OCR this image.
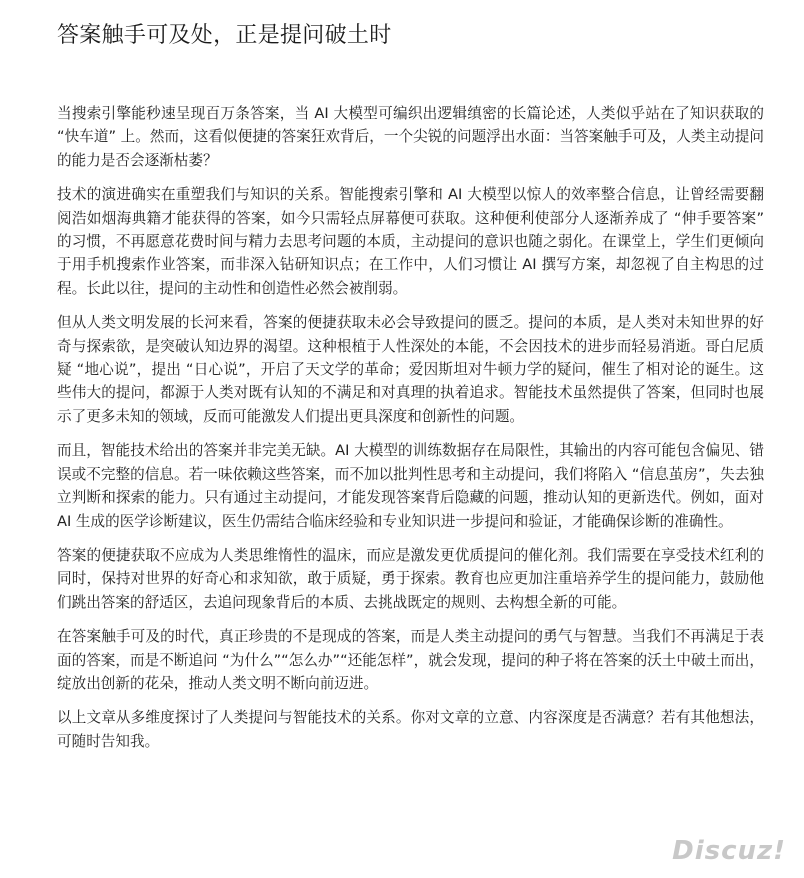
答案触手可及处，正是提问破土时

当搜索引擎能秒速呈现百万条答案，当 AI 大模型可编织出逻辑缜密的长篇论述，人类似乎站在了知识获取的 “快车道” 上。然而，这看似便捷的答案狂欢背后，一个尖锐的问题浮出水面：当答案触手可及，人类主动提问的能力是否会逐渐枯萎？

技术的演进确实在重塑我们与知识的关系。智能搜索引擎和 AI 大模型以惊人的效率整合信息，让曾经需要翻阅浩如烟海典籍才能获得的答案，如今只需轻点屏幕便可获取。这种便利使部分人逐渐养成了 “伸手要答案” 的习惯，不再愿意花费时间与精力去思考问题的本质，主动提问的意识也随之弱化。在课堂上，学生们更倾向于用手机搜索作业答案，而非深入钻研知识点；在工作中，人们习惯让 AI 撰写方案，却忽视了自主构思的过程。长此以往，提问的主动性和创造性必然会被削弱。

但从人类文明发展的长河来看，答案的便捷获取未必会导致提问的匮乏。提问的本质，是人类对未知世界的好奇与探索欲，是突破认知边界的渴望。这种根植于人性深处的本能，不会因技术的进步而轻易消逝。哥白尼质疑 “地心说”，提出 “日心说”，开启了天文学的革命；爱因斯坦对牛顿力学的疑问，催生了相对论的诞生。这些伟大的提问，都源于人类对既有认知的不满足和对真理的执着追求。智能技术虽然提供了答案，但同时也展示了更多未知的领域，反而可能激发人们提出更具深度和创新性的问题。

而且，智能技术给出的答案并非完美无缺。AI 大模型的训练数据存在局限性，其输出的内容可能包含偏见、错误或不完整的信息。若一味依赖这些答案，而不加以批判性思考和主动提问，我们将陷入 “信息茧房”，失去独立判断和探索的能力。只有通过主动提问，才能发现答案背后隐藏的问题，推动认知的更新迭代。例如，面对 AI 生成的医学诊断建议，医生仍需结合临床经验和专业知识进一步提问和验证，才能确保诊断的准确性。

答案的便捷获取不应成为人类思维惰性的温床，而应是激发更优质提问的催化剂。我们需要在享受技术红利的同时，保持对世界的好奇心和求知欲，敢于质疑，勇于探索。教育也应更加注重培养学生的提问能力，鼓励他们跳出答案的舒适区，去追问现象背后的本质、去挑战既定的规则、去构想全新的可能。

在答案触手可及的时代，真正珍贵的不是现成的答案，而是人类主动提问的勇气与智慧。当我们不再满足于表面的答案，而是不断追问 “为什么”“怎么办”“还能怎样”，就会发现，提问的种子将在答案的沃土中破土而出，绽放出创新的花朵，推动人类文明不断向前迈进。

以上文章从多维度探讨了人类提问与智能技术的关系。你对文章的立意、内容深度是否满意？若有其他想法，可随时告知我。

Discuz!
